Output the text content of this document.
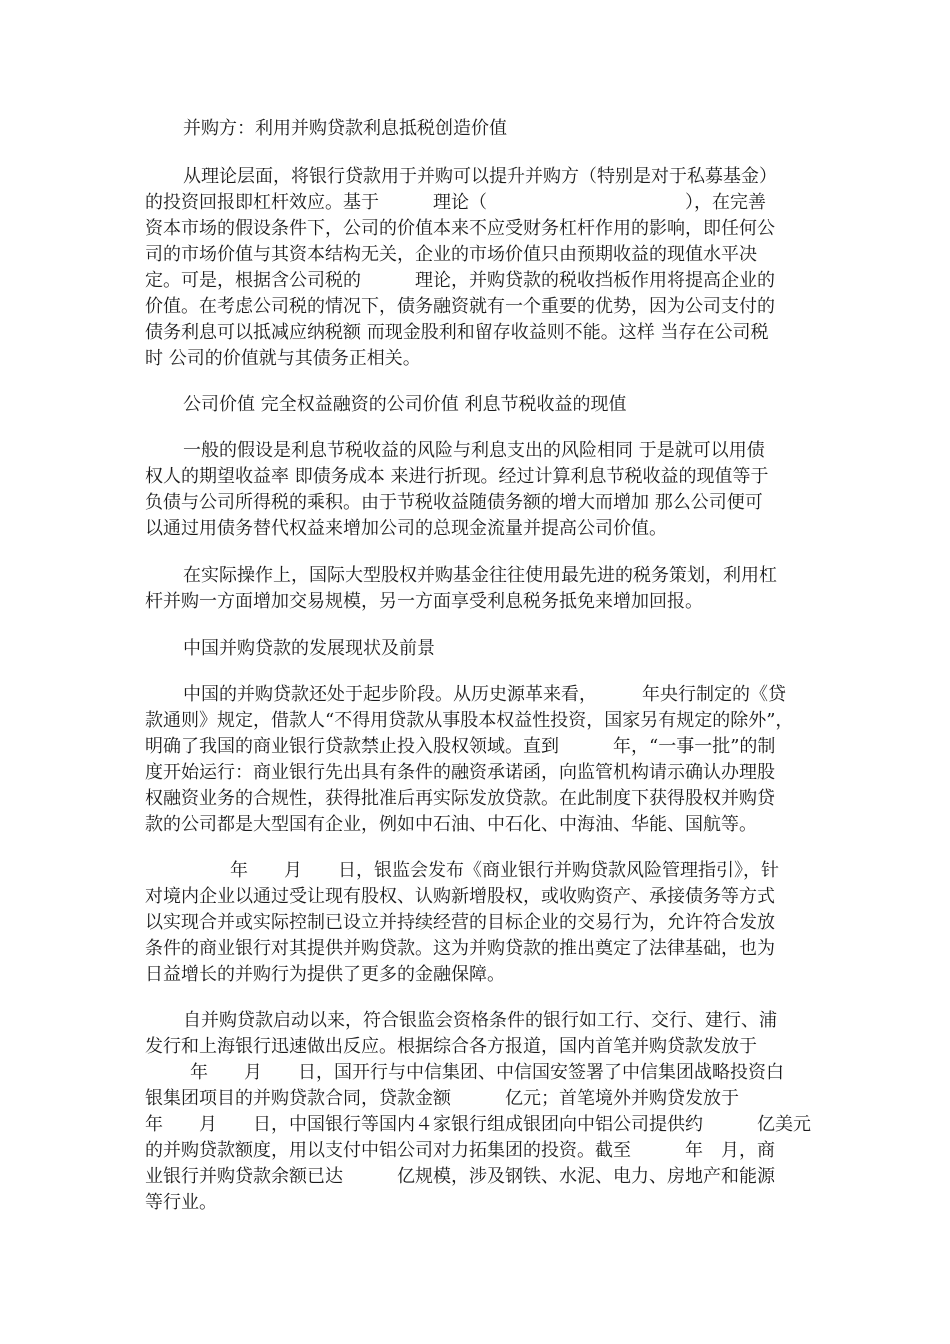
并购方：利用并购贷款利息抵税创造价值
从理论层面，将银行贷款用于并购可以提升并购方（特别是对于私募基金）
的投资回报即杠杆效应。基于　　　理论（　　　　　　　　　　　），在完善
资本市场的假设条件下，公司的价值本来不应受财务杠杆作用的影响，即任何公
司的市场价值与其资本结构无关，企业的市场价值只由预期收益的现值水平决
定。可是，根据含公司税的　　　理论，并购贷款的税收挡板作用将提高企业的
价值。在考虑公司税的情况下，债务融资就有一个重要的优势，因为公司支付的
债务利息可以抵减应纳税额 而现金股利和留存收益则不能。这样 当存在公司税
时 公司的价值就与其债务正相关。
公司价值 完全权益融资的公司价值 利息节税收益的现值
一般的假设是利息节税收益的风险与利息支出的风险相同 于是就可以用债
权人的期望收益率 即债务成本 来进行折现。经过计算利息节税收益的现值等于
负债与公司所得税的乘积。由于节税收益随债务额的增大而增加 那么公司便可
以通过用债务替代权益来增加公司的总现金流量并提高公司价值。
在实际操作上，国际大型股权并购基金往往使用最先进的税务策划，利用杠
杆并购一方面增加交易规模，另一方面享受利息税务抵免来增加回报。
中国并购贷款的发展现状及前景
中国的并购贷款还处于起步阶段。从历史源革来看，　　　年央行制定的《贷
款通则》规定，借款人“不得用贷款从事股本权益性投资，国家另有规定的除外”，
明确了我国的商业银行贷款禁止投入股权领域。直到　　　年，“一事一批”的制
度开始运行：商业银行先出具有条件的融资承诺函，向监管机构请示确认办理股
权融资业务的合规性，获得批准后再实际发放贷款。在此制度下获得股权并购贷
款的公司都是大型国有企业，例如中石油、中石化、中海油、华能、国航等。
年　　月　　日，银监会发布《商业银行并购贷款风险管理指引》，针
对境内企业以通过受让现有股权、认购新增股权，或收购资产、承接债务等方式
以实现合并或实际控制已设立并持续经营的目标企业的交易行为，允许符合发放
条件的商业银行对其提供并购贷款。这为并购贷款的推出奠定了法律基础，也为
日益增长的并购行为提供了更多的金融保障。
自并购贷款启动以来，符合银监会资格条件的银行如工行、交行、建行、浦
发行和上海银行迅速做出反应。根据综合各方报道，国内首笔并购贷款发放于
年　　月　　日，国开行与中信集团、中信国安签署了中信集团战略投资白
银集团项目的并购贷款合同，贷款金额　　　亿元；首笔境外并购贷发放于
年　　月　　日，中国银行等国内４家银行组成银团向中铝公司提供约　　　亿美元
的并购贷款额度，用以支付中铝公司对力拓集团的投资。截至　　　年　月，商
业银行并购贷款余额已达　　　亿规模，涉及钢铁、水泥、电力、房地产和能源
等行业。
